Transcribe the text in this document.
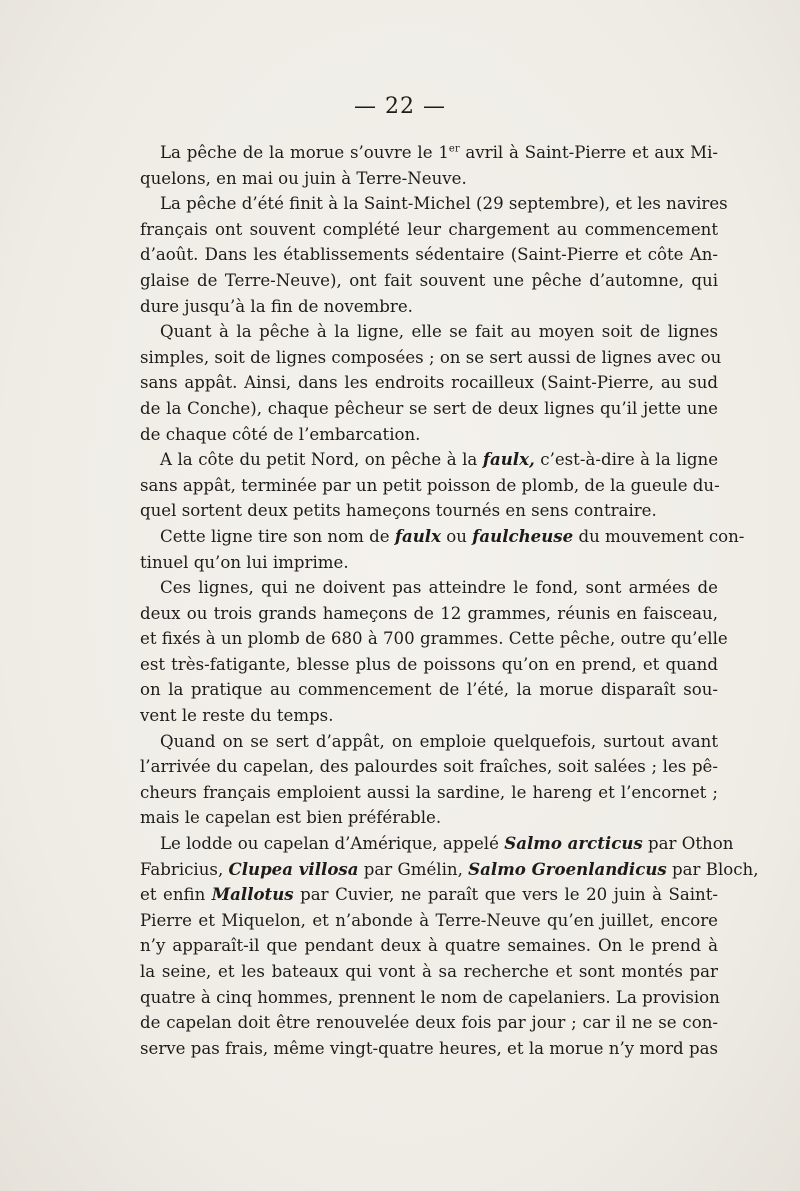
— 22 —
La pêche de la morue s’ouvre le 1er avril à Saint-Pierre et aux Mi-
quelons, en mai ou juin à Terre-Neuve.
La pêche d’été finit à la Saint-Michel (29 septembre), et les navires
français ont souvent complété leur chargement au commencement
d’août. Dans les établissements sédentaire (Saint-Pierre et côte An-
glaise de Terre-Neuve), ont fait souvent une pêche d’automne, qui
dure jusqu’à la fin de novembre.
Quant à la pêche à la ligne, elle se fait au moyen soit de lignes
simples, soit de lignes composées ; on se sert aussi de lignes avec ou
sans appât. Ainsi, dans les endroits rocailleux (Saint-Pierre, au sud
de la Conche), chaque pêcheur se sert de deux lignes qu’il jette une
de chaque côté de l’embarcation.
A la côte du petit Nord, on pêche à la faulx, c’est-à-dire à la ligne
sans appât, terminée par un petit poisson de plomb, de la gueule du-
quel sortent deux petits hameçons tournés en sens contraire.
Cette ligne tire son nom de faulx ou faulcheuse du mouvement con-
tinuel qu’on lui imprime.
Ces lignes, qui ne doivent pas atteindre le fond, sont armées de
deux ou trois grands hameçons de 12 grammes, réunis en faisceau,
et fixés à un plomb de 680 à 700 grammes. Cette pêche, outre qu’elle
est très-fatigante, blesse plus de poissons qu’on en prend, et quand
on la pratique au commencement de l’été, la morue disparaît sou-
vent le reste du temps.
Quand on se sert d’appât, on emploie quelquefois, surtout avant
l’arrivée du capelan, des palourdes soit fraîches, soit salées ; les pê-
cheurs français emploient aussi la sardine, le hareng et l’encornet ;
mais le capelan est bien préférable.
Le lodde ou capelan d’Amérique, appelé Salmo arcticus par Othon
Fabricius, Clupea villosa par Gmélin, Salmo Groenlandicus par Bloch,
et enfin Mallotus par Cuvier, ne paraît que vers le 20 juin à Saint-
Pierre et Miquelon, et n’abonde à Terre-Neuve qu’en juillet, encore
n’y apparaît-il que pendant deux à quatre semaines. On le prend à
la seine, et les bateaux qui vont à sa recherche et sont montés par
quatre à cinq hommes, prennent le nom de capelaniers. La provision
de capelan doit être renouvelée deux fois par jour ; car il ne se con-
serve pas frais, même vingt-quatre heures, et la morue n’y mord pas
